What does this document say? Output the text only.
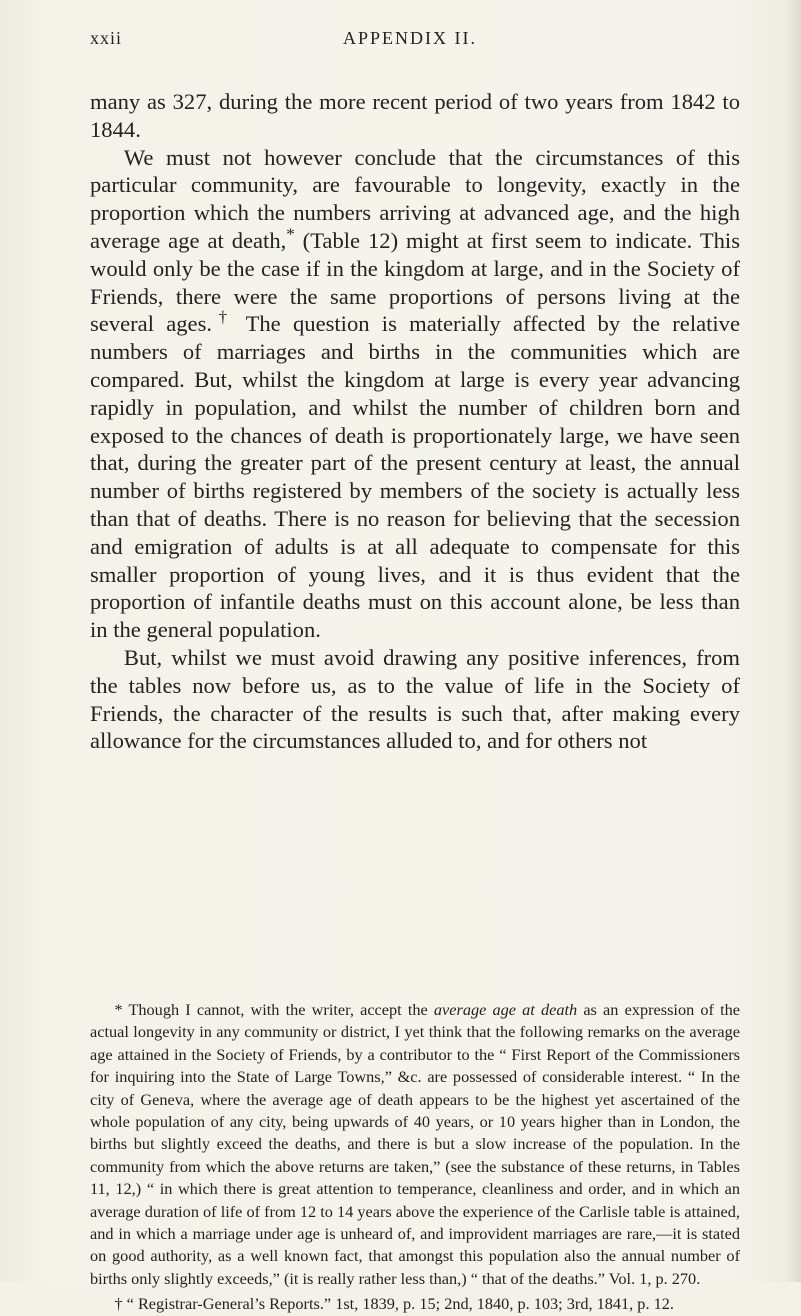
xxii	APPENDIX II.

many as 327, during the more recent period of two years from 1842 to 1844.

We must not however conclude that the circumstances of this particular community, are favourable to longevity, exactly in the proportion which the numbers arriving at advanced age, and the high average age at death,* (Table 12) might at first seem to indicate. This would only be the case if in the kingdom at large, and in the Society of Friends, there were the same proportions of persons living at the several ages.† The question is materially affected by the relative numbers of marriages and births in the communities which are compared. But, whilst the kingdom at large is every year advancing rapidly in population, and whilst the number of children born and exposed to the chances of death is proportionately large, we have seen that, during the greater part of the present century at least, the annual number of births registered by members of the society is actually less than that of deaths. There is no reason for believing that the secession and emigration of adults is at all adequate to compensate for this smaller proportion of young lives, and it is thus evident that the proportion of infantile deaths must on this account alone, be less than in the general population.

But, whilst we must avoid drawing any positive inferences, from the tables now before us, as to the value of life in the Society of Friends, the character of the results is such that, after making every allowance for the circumstances alluded to, and for others not

* Though I cannot, with the writer, accept the average age at death as an expression of the actual longevity in any community or district, I yet think that the following remarks on the average age attained in the Society of Friends, by a contributor to the “ First Report of the Commissioners for inquiring into the State of Large Towns,” &c. are possessed of considerable interest. “ In the city of Geneva, where the average age of death appears to be the highest yet ascertained of the whole population of any city, being upwards of 40 years, or 10 years higher than in London, the births but slightly exceed the deaths, and there is but a slow increase of the population. In the community from which the above returns are taken,” (see the substance of these returns, in Tables 11, 12,) “ in which there is great attention to temperance, cleanliness and order, and in which an average duration of life of from 12 to 14 years above the experience of the Carlisle table is attained, and in which a marriage under age is unheard of, and improvident marriages are rare,—it is stated on good authority, as a well known fact, that amongst this population also the annual number of births only slightly exceeds,” (it is really rather less than,) “ that of the deaths.” Vol. 1, p. 270.

† “ Registrar-General’s Reports.” 1st, 1839, p. 15; 2nd, 1840, p. 103; 3rd, 1841, p. 12.
